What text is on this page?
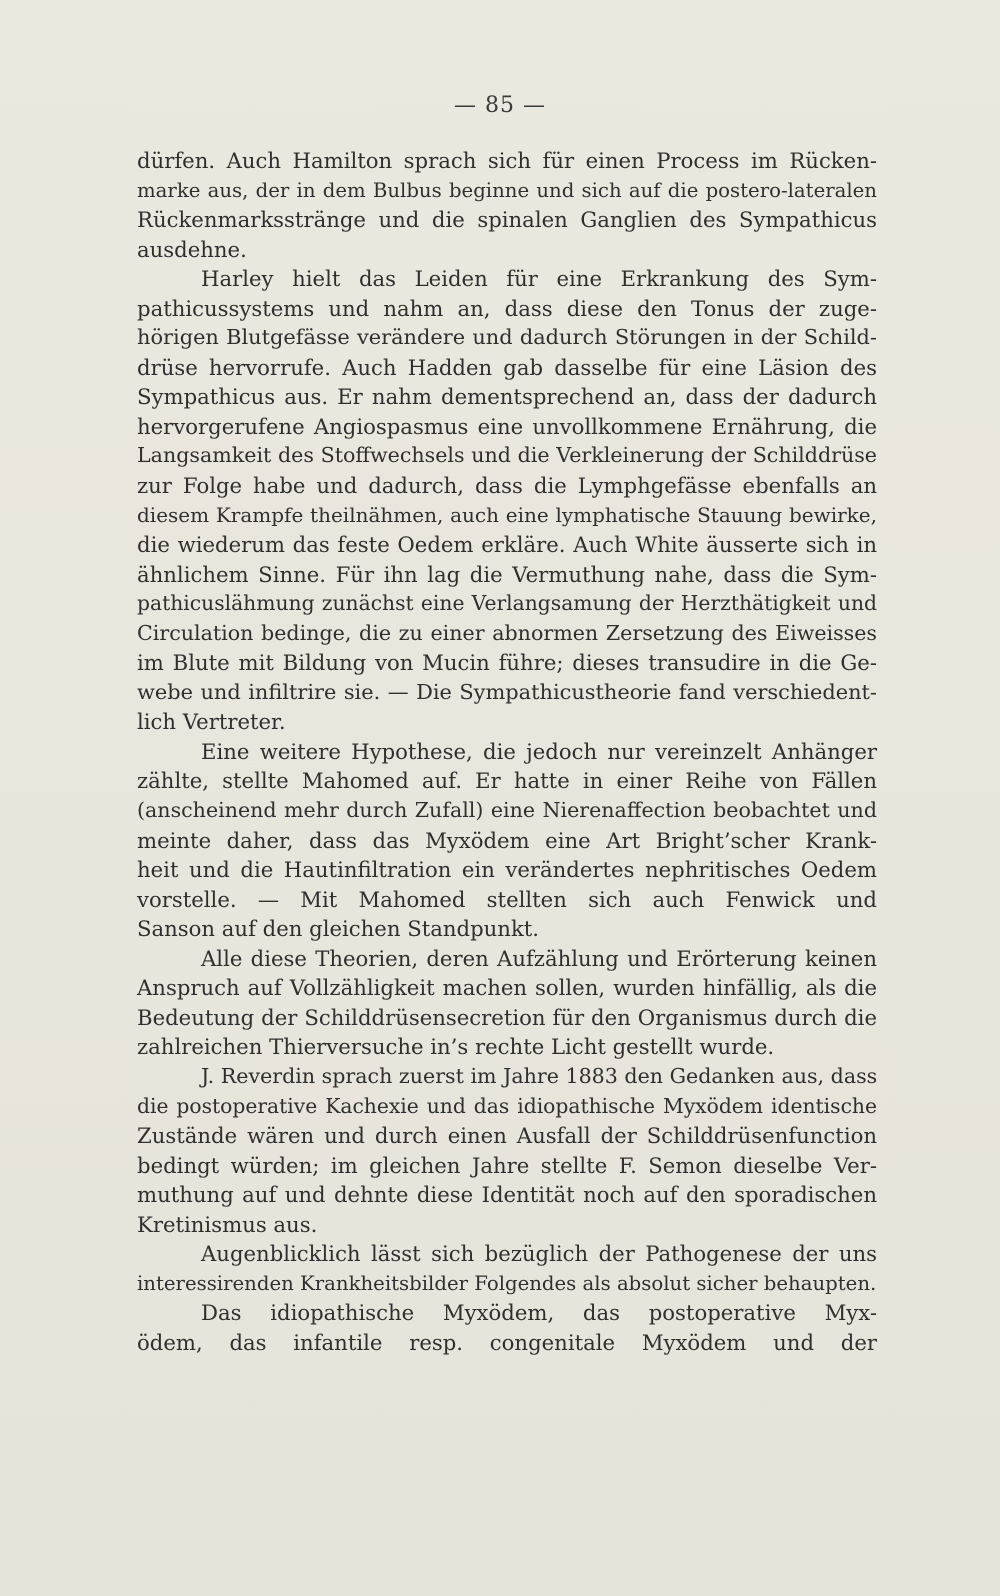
— 85 —
dürfen. Auch Hamilton sprach sich für einen Process im Rücken-
marke aus, der in dem Bulbus beginne und sich auf die postero-lateralen
Rückenmarksstränge und die spinalen Ganglien des Sympathicus
ausdehne.
Harley hielt das Leiden für eine Erkrankung des Sym-
pathicussystems und nahm an, dass diese den Tonus der zuge-
hörigen Blutgefässe verändere und dadurch Störungen in der Schild-
drüse hervorrufe. Auch Hadden gab dasselbe für eine Läsion des
Sympathicus aus. Er nahm dementsprechend an, dass der dadurch
hervorgerufene Angiospasmus eine unvollkommene Ernährung, die
Langsamkeit des Stoffwechsels und die Verkleinerung der Schilddrüse
zur Folge habe und dadurch, dass die Lymphgefässe ebenfalls an
diesem Krampfe theilnähmen, auch eine lymphatische Stauung bewirke,
die wiederum das feste Oedem erkläre. Auch White äusserte sich in
ähnlichem Sinne. Für ihn lag die Vermuthung nahe, dass die Sym-
pathicuslähmung zunächst eine Verlangsamung der Herzthätigkeit und
Circulation bedinge, die zu einer abnormen Zersetzung des Eiweisses
im Blute mit Bildung von Mucin führe; dieses transudire in die Ge-
webe und infiltrire sie. — Die Sympathicustheorie fand verschiedent-
lich Vertreter.
Eine weitere Hypothese, die jedoch nur vereinzelt Anhänger
zählte, stellte Mahomed auf. Er hatte in einer Reihe von Fällen
(anscheinend mehr durch Zufall) eine Nierenaffection beobachtet und
meinte daher, dass das Myxödem eine Art Bright’scher Krank-
heit und die Hautinfiltration ein verändertes nephritisches Oedem
vorstelle. — Mit Mahomed stellten sich auch Fenwick und
Sanson auf den gleichen Standpunkt.
Alle diese Theorien, deren Aufzählung und Erörterung keinen
Anspruch auf Vollzähligkeit machen sollen, wurden hinfällig, als die
Bedeutung der Schilddrüsensecretion für den Organismus durch die
zahlreichen Thierversuche in’s rechte Licht gestellt wurde.
J. Reverdin sprach zuerst im Jahre 1883 den Gedanken aus, dass
die postoperative Kachexie und das idiopathische Myxödem identische
Zustände wären und durch einen Ausfall der Schilddrüsenfunction
bedingt würden; im gleichen Jahre stellte F. Semon dieselbe Ver-
muthung auf und dehnte diese Identität noch auf den sporadischen
Kretinismus aus.
Augenblicklich lässt sich bezüglich der Pathogenese der uns
interessirenden Krankheitsbilder Folgendes als absolut sicher behaupten.
Das idiopathische Myxödem, das postoperative Myx-
ödem, das infantile resp. congenitale Myxödem und der
